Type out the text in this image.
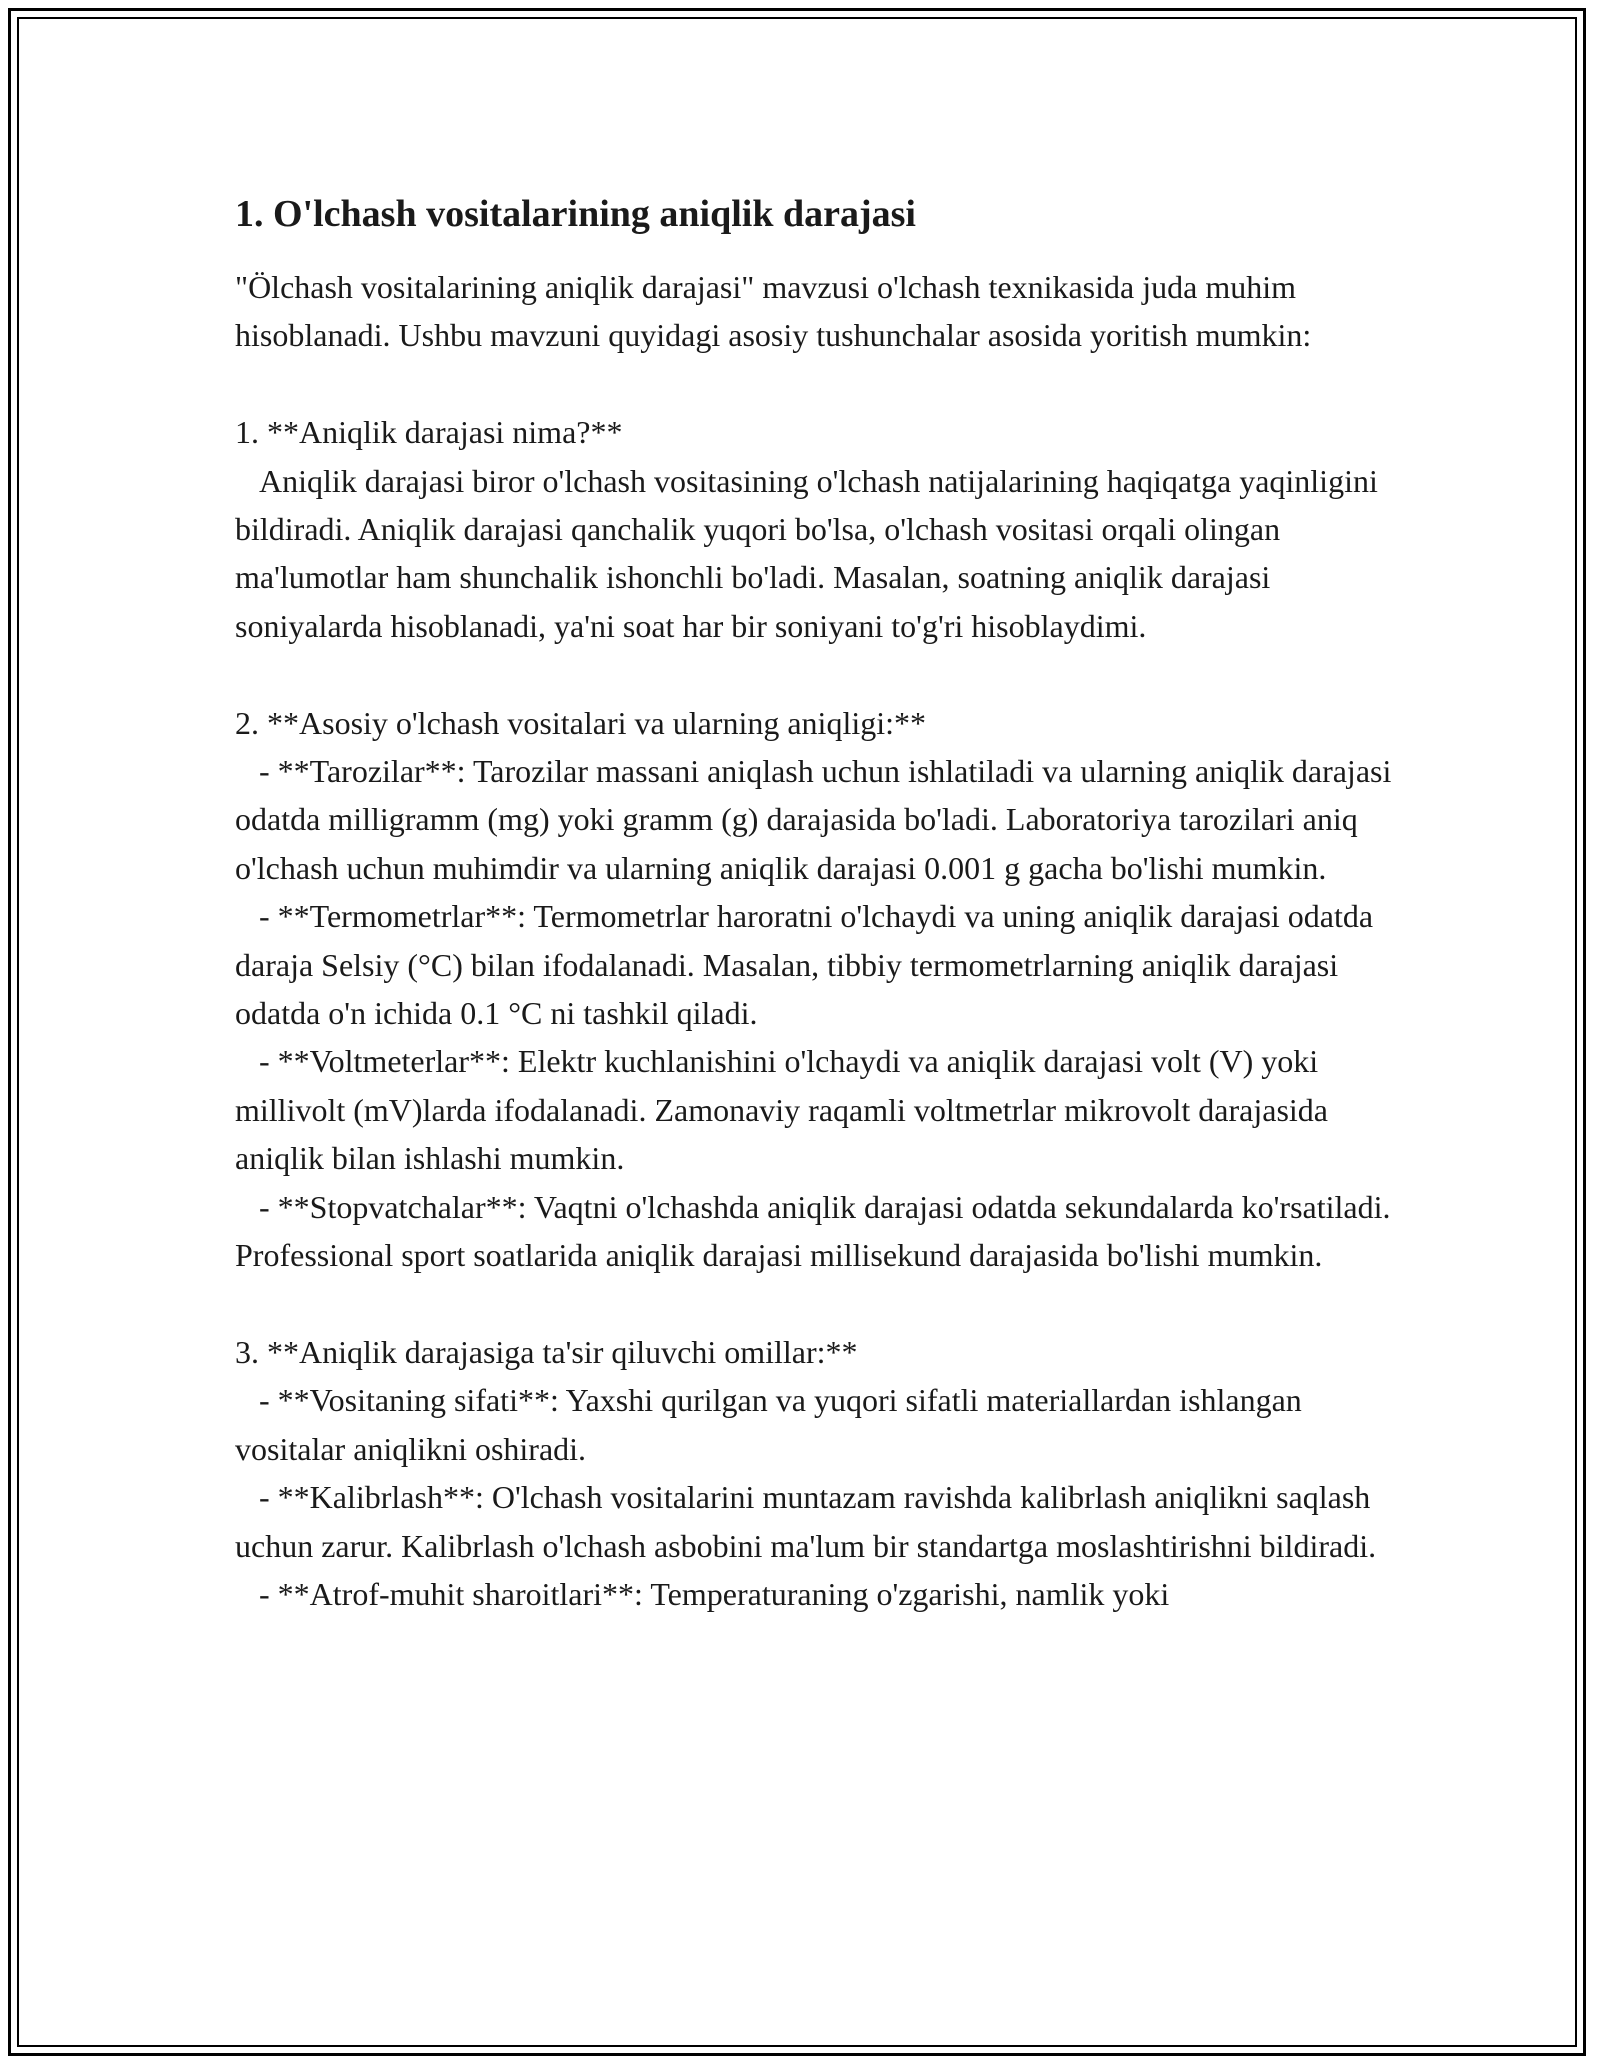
1. O'lchash vositalarining aniqlik darajasi

"Ölchash vositalarining aniqlik darajasi" mavzusi o'lchash texnikasida juda muhim hisoblanadi. Ushbu mavzuni quyidagi asosiy tushunchalar asosida yoritish mumkin:

1. **Aniqlik darajasi nima?**

Aniqlik darajasi biror o'lchash vositasining o'lchash natijalarining haqiqatga yaqinligini bildiradi. Aniqlik darajasi qanchalik yuqori bo'lsa, o'lchash vositasi orqali olingan ma'lumotlar ham shunchalik ishonchli bo'ladi. Masalan, soatning aniqlik darajasi soniyalarda hisoblanadi, ya'ni soat har bir soniyani to'g'ri hisoblaydimi.

2. **Asosiy o'lchash vositalari va ularning aniqligi:**

- **Tarozilar**: Tarozilar massani aniqlash uchun ishlatiladi va ularning aniqlik darajasi odatda milligramm (mg) yoki gramm (g) darajasida bo'ladi. Laboratoriya tarozilari aniq o'lchash uchun muhimdir va ularning aniqlik darajasi 0.001 g gacha bo'lishi mumkin.

- **Termometrlar**: Termometrlar haroratni o'lchaydi va uning aniqlik darajasi odatda daraja Selsiy (°C) bilan ifodalanadi. Masalan, tibbiy termometrlarning aniqlik darajasi odatda o'n ichida 0.1 °C ni tashkil qiladi.

- **Voltmeterlar**: Elektr kuchlanishini o'lchaydi va aniqlik darajasi volt (V) yoki millivolt (mV)larda ifodalanadi. Zamonaviy raqamli voltmetrlar mikrovolt darajasida aniqlik bilan ishlashi mumkin.

- **Stopvatchalar**: Vaqtni o'lchashda aniqlik darajasi odatda sekundalarda ko'rsatiladi. Professional sport soatlarida aniqlik darajasi millisekund darajasida bo'lishi mumkin.

3. **Aniqlik darajasiga ta'sir qiluvchi omillar:**

- **Vositaning sifati**: Yaxshi qurilgan va yuqori sifatli materiallardan ishlangan vositalar aniqlikni oshiradi.

- **Kalibrlash**: O'lchash vositalarini muntazam ravishda kalibrlash aniqlikni saqlash uchun zarur. Kalibrlash o'lchash asbobini ma'lum bir standartga moslashtirishni bildiradi.

- **Atrof-muhit sharoitlari**: Temperaturaning o'zgarishi, namlik yoki
